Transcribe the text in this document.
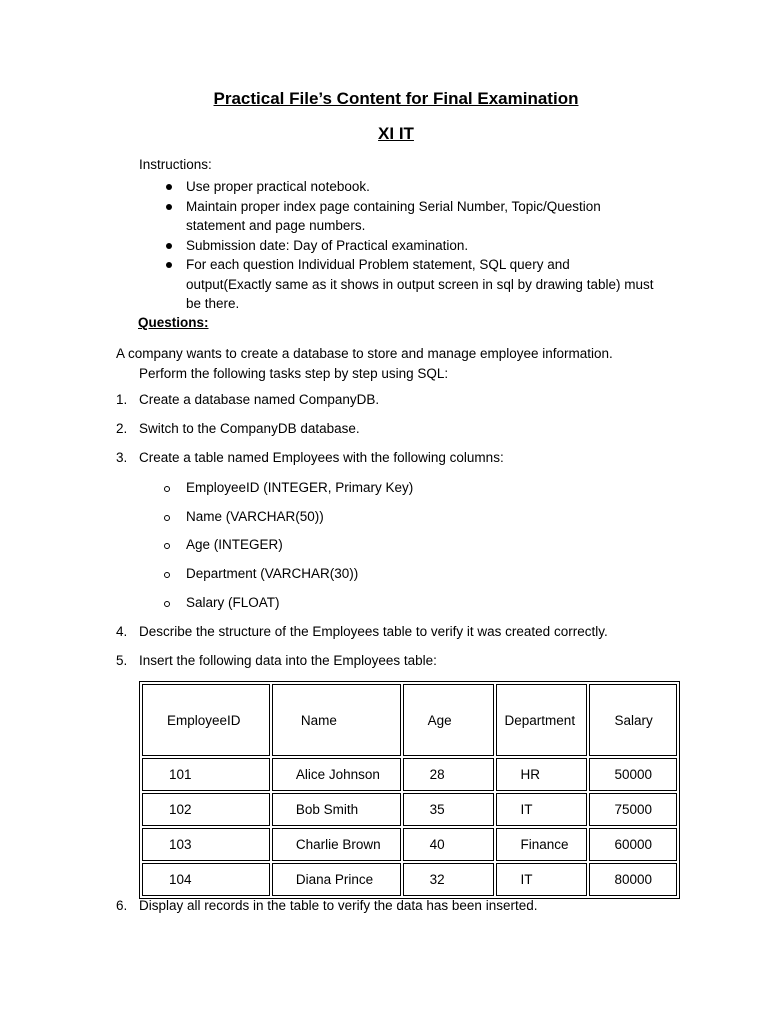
Practical File’s Content for Final Examination
XI IT
Instructions:
Use proper practical notebook.
Maintain proper index page containing Serial Number, Topic/Question statement and page numbers.
Submission date: Day of Practical examination.
For each question Individual Problem statement, SQL query and output(Exactly same as it shows in output screen in sql by drawing table) must be there.
Questions:
A company wants to create a database to store and manage employee information.
Perform the following tasks step by step using SQL:
1. Create a database named CompanyDB.
2. Switch to the CompanyDB database.
3. Create a table named Employees with the following columns:
EmployeeID (INTEGER, Primary Key)
Name (VARCHAR(50))
Age (INTEGER)
Department (VARCHAR(30))
Salary (FLOAT)
4. Describe the structure of the Employees table to verify it was created correctly.
5. Insert the following data into the Employees table:
EmployeeID	Name	Age	Department	Salary
101	Alice Johnson	28	HR	50000
102	Bob Smith	35	IT	75000
103	Charlie Brown	40	Finance	60000
104	Diana Prince	32	IT	80000
6. Display all records in the table to verify the data has been inserted.
